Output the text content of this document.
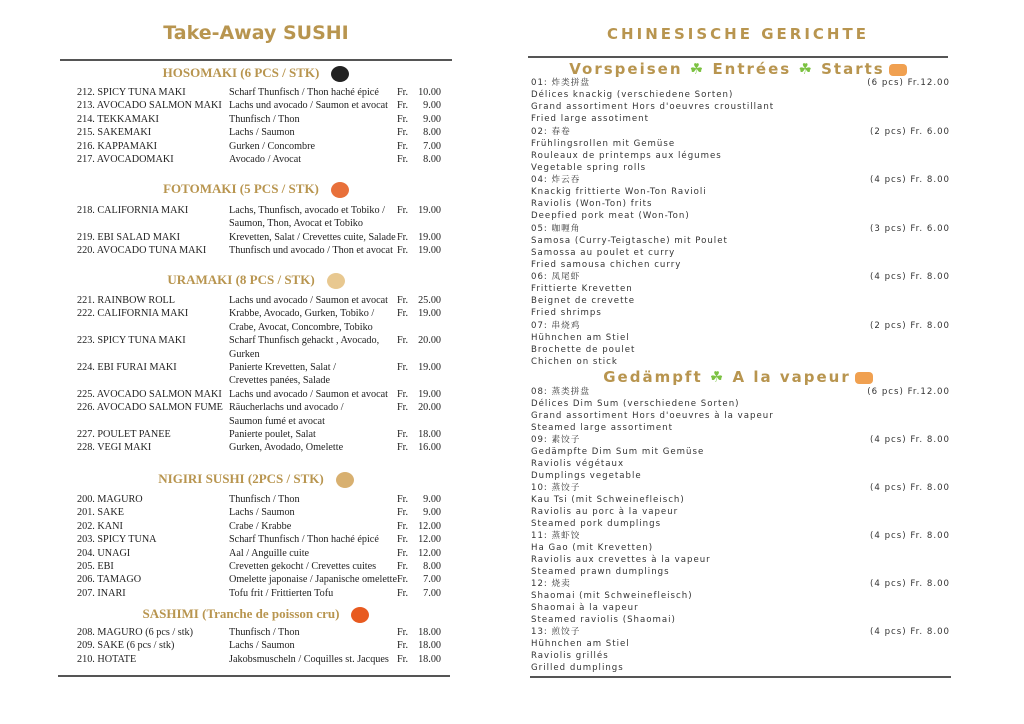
Take-Away SUSHI
HOSOMAKI (6 PCS / STK)
212. SPICY TUNA MAKI	Scharf Thunfisch / Thon haché épicé Fr. 10.00
213. AVOCADO SALMON MAKI Lachs und avocado / Saumon et avocat Fr. 9.00
214. TEKKAMAKI	Thunfisch / Thon	Fr. 9.00
215. SAKEMAKI	Lachs / Saumon	Fr. 8.00
216. KAPPAMAKI	Gurken / Concombre	Fr. 7.00
217. AVOCADOMAKI	Avocado / Avocat	Fr. 8.00
FOTOMAKI (5 PCS / STK)
218. CALIFORNIA MAKI	Lachs, Thunfisch, avocado et Tobiko / Fr. 19.00
Saumon, Thon, Avocat et Tobiko
219. EBI SALAD MAKI	Krevetten, Salat / Crevettes cuite, Salade Fr. 19.00
220. AVOCADO TUNA MAKI Thunfisch und avocado / Thon et avocat Fr. 19.00
URAMAKI (8 PCS / STK)
221. RAINBOW ROLL	Lachs und avocado / Saumon et avocat Fr. 25.00
222. CALIFORNIA MAKI	Krabbe, Avocado, Gurken, Tobiko / Fr. 19.00
Crabe, Avocat, Concombre, Tobiko
223. SPICY TUNA MAKI	Scharf Thunfisch gehackt , Avocado, Fr. 20.00
Gurken
224. EBI FURAI MAKI	Panierte Krevetten, Salat /	Fr. 19.00
Crevettes panées, Salade
225. AVOCADO SALMON MAKI Lachs und avocado / Saumon et avocat Fr. 19.00
226. AVOCADO SALMON FUME Räucherlachs und avocado /	Fr. 20.00
Saumon fumé et avocat
227. POULET PANEE	Panierte poulet, Salat	Fr. 18.00
228. VEGI MAKI	Gurken, Avodado, Omelette	Fr. 16.00
NIGIRI SUSHI (2PCS / STK)
200. MAGURO	Thunfisch / Thon	Fr. 9.00
201. SAKE	Lachs / Saumon	Fr. 9.00
202. KANI	Crabe / Krabbe	Fr. 12.00
203. SPICY TUNA	Scharf Thunfisch / Thon haché épicé Fr. 12.00
204. UNAGI	Aal / Anguille cuite	Fr. 12.00
205. EBI	Crevetten gekocht / Crevettes cuites Fr. 8.00
206. TAMAGO	Omelette japonaise / Japanische omelette Fr. 7.00
207. INARI	Tofu frit / Frittierten Tofu	Fr. 7.00
SASHIMI (Tranche de poisson cru)
208. MAGURO (6 pcs / stk)	Thunfisch / Thon	Fr. 18.00
209. SAKE (6 pcs / stk)	Lachs / Saumon	Fr. 18.00
210. HOTATE	Jakobsmuscheln / Coquilles st. Jacques Fr. 18.00
CHINESISCHE GERICHTE
Vorspeisen ☘ Entrées ☘ Starts
01: 炸类拼盘	(6 pcs) Fr.12.00
Délices knackig (verschiedene Sorten)
Grand assortiment Hors d'oeuvres croustillant
Fried large assotiment
02: 春卷	(2 pcs) Fr. 6.00
Frühlingsrollen mit Gemüse
Rouleaux de printemps aux légumes
Vegetable spring rolls
04: 炸云吞	(4 pcs) Fr. 8.00
Knackig frittierte Won-Ton Ravioli
Raviolis (Won-Ton) frits
Deepfied pork meat (Won-Ton)
05: 咖喱角	(3 pcs) Fr. 6.00
Samosa (Curry-Teigtasche) mit Poulet
Samossa au poulet et curry
Fried samousa chichen curry
06: 凤尾虾	(4 pcs) Fr. 8.00
Frittierte Krevetten
Beignet de crevette
Fried shrimps
07: 串烧鸡	(2 pcs) Fr. 8.00
Hühnchen am Stiel
Brochette de poulet
Chichen on stick
Gedämpft ☘ A la vapeur
08: 蒸类拼盘	(6 pcs) Fr.12.00
Délices Dim Sum (verschiedene Sorten)
Grand assortiment Hors d'oeuvres à la vapeur
Steamed large assortiment
09: 素饺子	(4 pcs) Fr. 8.00
Gedämpfte Dim Sum mit Gemüse
Raviolis végétaux
Dumplings vegetable
10: 蒸饺子	(4 pcs) Fr. 8.00
Kau Tsi (mit Schweinefleisch)
Raviolis au porc à la vapeur
Steamed pork dumplings
11: 蒸虾饺	(4 pcs) Fr. 8.00
Ha Gao (mit Krevetten)
Raviolis aux crevettes à la vapeur
Steamed prawn dumplings
12: 烧卖	(4 pcs) Fr. 8.00
Shaomai (mit Schweinefleisch)
Shaomai à la vapeur
Steamed raviolis (Shaomai)
13: 煎饺子	(4 pcs) Fr. 8.00
Hühnchen am Stiel
Raviolis grillés
Grilled dumplings
